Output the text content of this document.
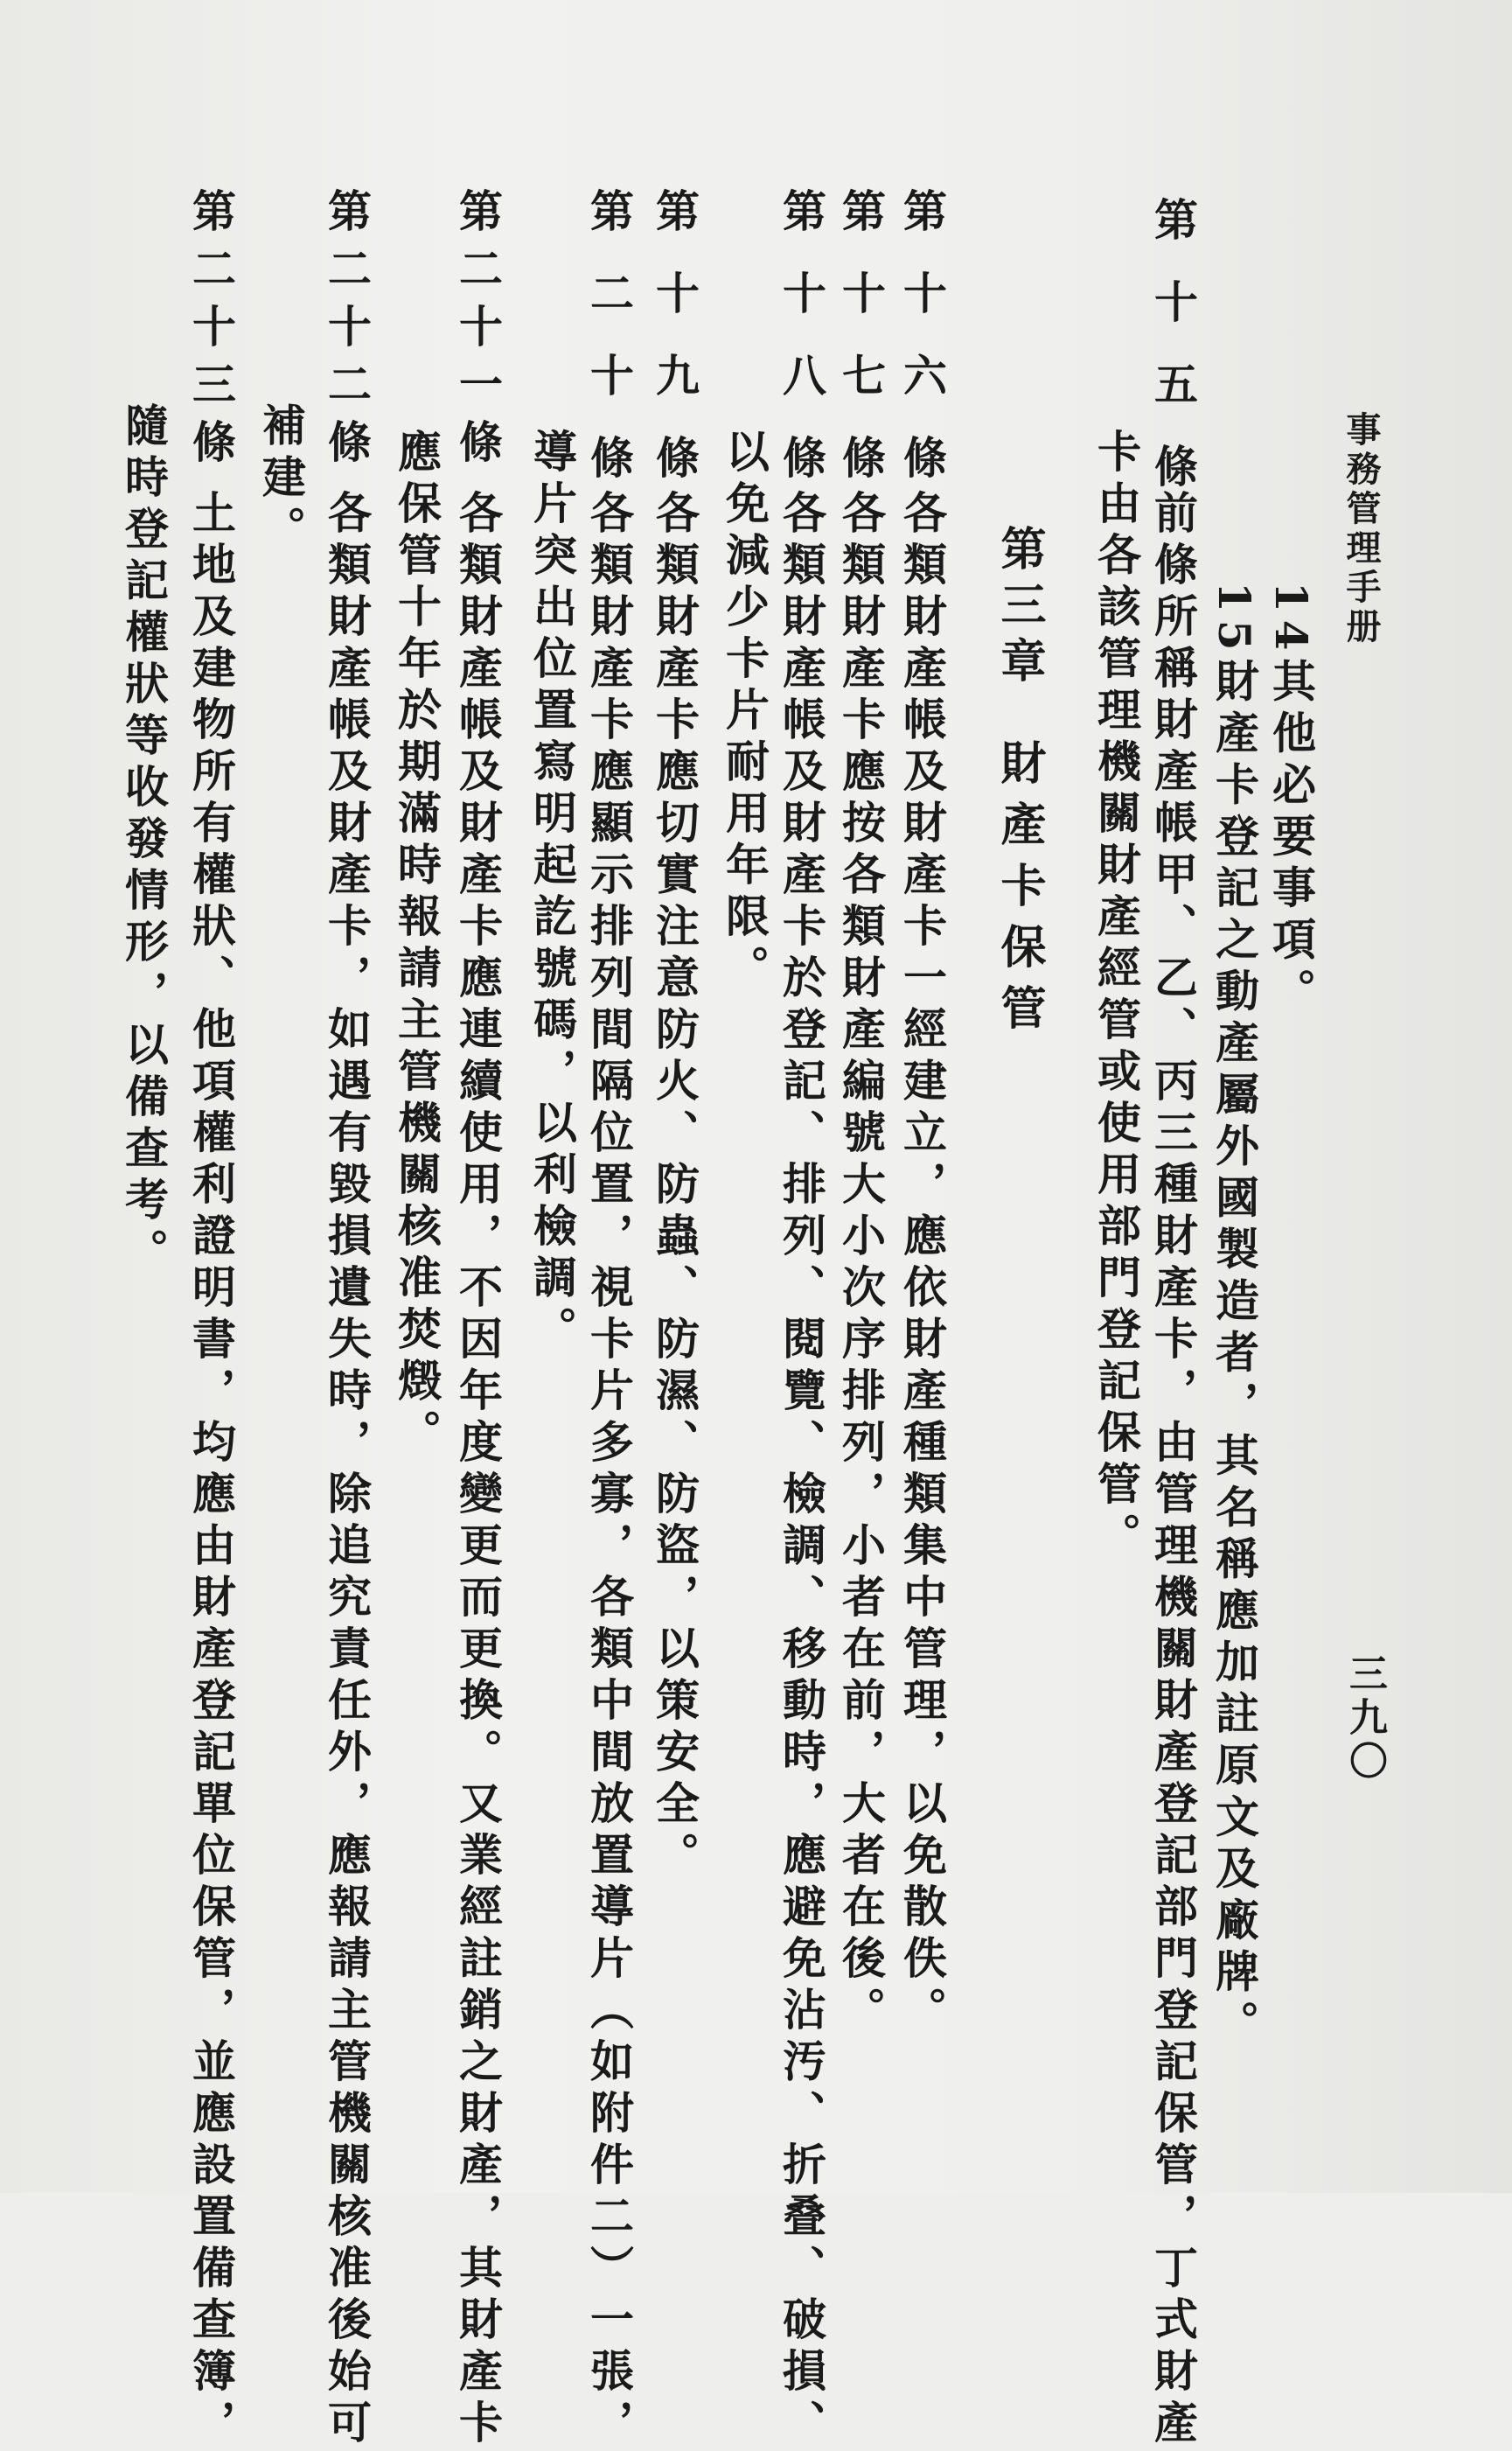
事務管理手册
三九〇
14其他必要事項。
15財產卡登記之動產屬外國製造者，其名稱應加註原文及廠牌。
第十五條
前條所稱財產帳甲、乙、丙三種財產卡，由管理機關財產登記部門登記保管，丁式財產
卡由各該管理機關財產經管或使用部門登記保管。
第三章
財產卡保管
第十六條
各類財產帳及財產卡一經建立，應依財產種類集中管理，以免散佚。
第十七條
各類財產卡應按各類財產編號大小次序排列，小者在前，大者在後。
第十八條
各類財產帳及財產卡於登記、排列、閱覽、檢調、移動時，應避免沾汚、折叠、破損、
以免減少卡片耐用年限。
第十九條
各類財產卡應切實注意防火、防蟲、防濕、防盜，以策安全。
第二十條
各類財產卡應顯示排列間隔位置，視卡片多寡，各類中間放置導片（如附件二）一張，
導片突出位置寫明起訖號碼，以利檢調。
第二十一條
各類財產帳及財產卡應連續使用，不因年度變更而更換。又業經註銷之財產，其財產卡
應保管十年於期滿時報請主管機關核准焚燬。
第二十二條
各類財產帳及財產卡，如遇有毀損遺失時，除追究責任外，應報請主管機關核准後始可
補建。
第二十三條
土地及建物所有權狀、他項權利證明書，均應由財產登記單位保管，並應設置備查簿，
隨時登記權狀等收發情形，以備查考。
